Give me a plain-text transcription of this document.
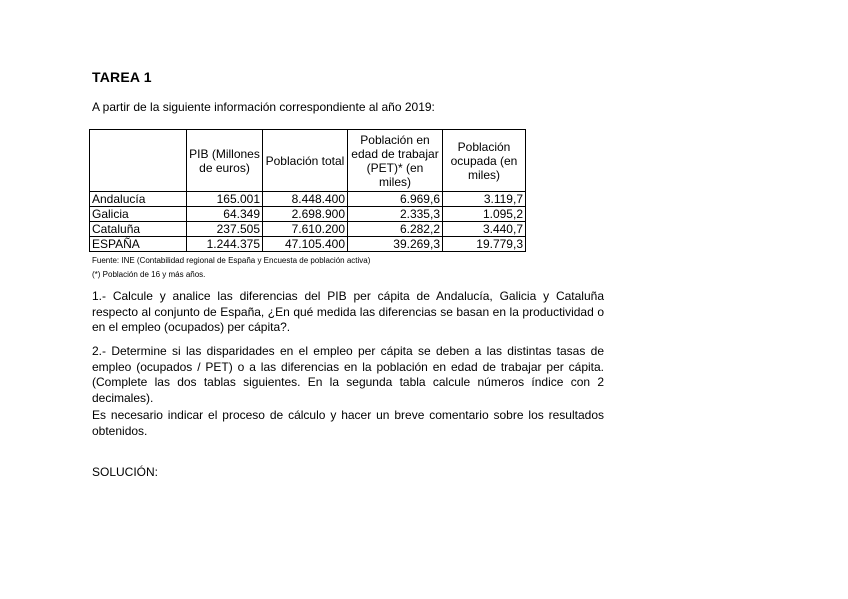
TAREA 1
A partir de la siguiente información correspondiente al año 2019:
	PIB (Millones de euros)	Población total	Población en edad de trabajar (PET)* (en miles)	Población ocupada (en miles)
Andalucía	165.001	8.448.400	6.969,6	3.119,7
Galicia	64.349	2.698.900	2.335,3	1.095,2
Cataluña	237.505	7.610.200	6.282,2	3.440,7
ESPAÑA	1.244.375	47.105.400	39.269,3	19.779,3
Fuente: INE (Contabilidad regional de España y Encuesta de población activa)
(*) Población de 16 y más años.
1.- Calcule y analice las diferencias del PIB per cápita de Andalucía, Galicia y Cataluña respecto al conjunto de España, ¿En qué medida las diferencias se basan en la productividad o en el empleo (ocupados) per cápita?.
2.- Determine si las disparidades en el empleo per cápita se deben a las distintas tasas de empleo (ocupados / PET) o a las diferencias en la población en edad de trabajar per cápita. (Complete las dos tablas siguientes. En la segunda tabla calcule números índice con 2 decimales).
Es necesario indicar el proceso de cálculo y hacer un breve comentario sobre los resultados obtenidos.
SOLUCIÓN:
